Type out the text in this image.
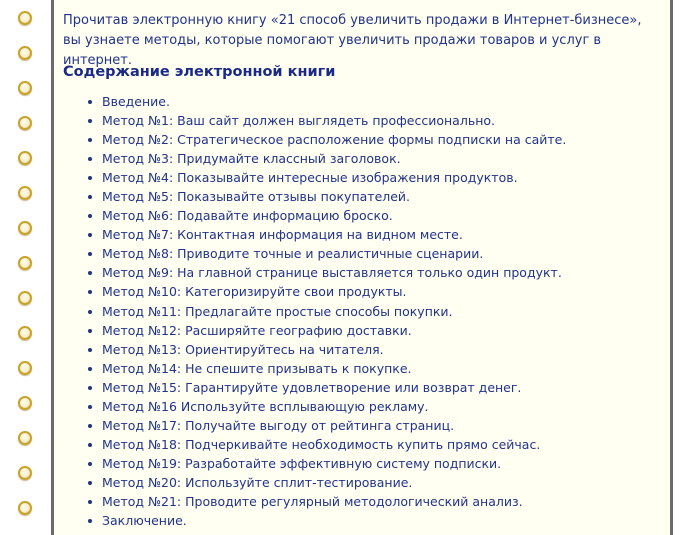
Прочитав электронную книгу «21 способ увеличить продажи в Интернет-бизнесе», вы узнаете методы, которые помогают увеличить продажи товаров и услуг в интернет.

Содержание электронной книги
Введение.
Метод №1: Ваш сайт должен выглядеть профессионально.
Метод №2: Стратегическое расположение формы подписки на сайте.
Метод №3: Придумайте классный заголовок.
Метод №4: Показывайте интересные изображения продуктов.
Метод №5: Показывайте отзывы покупателей.
Метод №6: Подавайте информацию броско.
Метод №7: Контактная информация на видном месте.
Метод №8: Приводите точные и реалистичные сценарии.
Метод №9: На главной странице выставляется только один продукт.
Метод №10: Категоризируйте свои продукты.
Метод №11: Предлагайте простые способы покупки.
Метод №12: Расширяйте географию доставки.
Метод №13: Ориентируйтесь на читателя.
Метод №14: Не спешите призывать к покупке.
Метод №15: Гарантируйте удовлетворение или возврат денег.
Метод №16 Используйте всплывающую рекламу.
Метод №17: Получайте выгоду от рейтинга страниц.
Метод №18: Подчеркивайте необходимость купить прямо сейчас.
Метод №19: Разработайте эффективную систему подписки.
Метод №20: Используйте сплит-тестирование.
Метод №21: Проводите регулярный методологический анализ.
Заключение.
